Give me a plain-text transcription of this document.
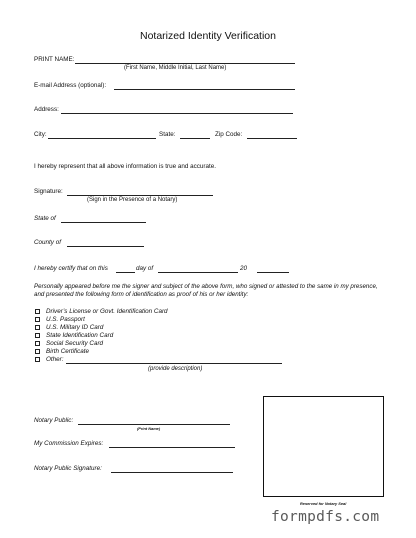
Notarized Identity Verification
PRINT NAME:
(First Name, Middle Initial, Last Name)
E-mail Address (optional):
Address:
City:	State:	Zip Code:
I hereby represent that all above information is true and accurate.
Signature:
(Sign in the Presence of a Notary)
State of
County of
I hereby certify that on this	day of	20
Personally appeared before me the signer and subject of the above form, who signed or attested to the same in my presence, and presented the following form of identification as proof of his or her identity:
Driver’s License or Govt. Identification Card
U.S. Passport
U.S. Military ID Card
State Identification Card
Social Security Card
Birth Certificate
Other:
(provide description)
Notary Public:
(Print Name)
My Commission Expires:
Notary Public Signature:
Reserved for Notary Seal
formpdfs.com
